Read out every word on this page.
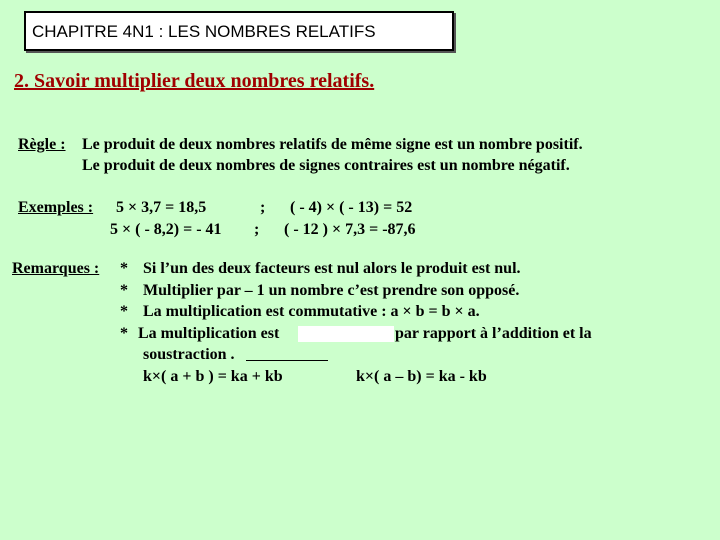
CHAPITRE 4N1 : LES NOMBRES RELATIFS
2. Savoir multiplier deux nombres relatifs.
Règle : Le produit de deux nombres relatifs de même signe est un nombre positif.
Le produit de deux nombres de signes contraires est un nombre négatif.
Exemples : 5 × 3,7 = 18,5	; ( - 4) × ( - 13) = 52
5 × ( - 8,2) = - 41 ; ( - 12 ) × 7,3 = -87,6
Remarques : * Si l’un des deux facteurs est nul alors le produit est nul.
* Multiplier par – 1 un nombre c’est prendre son opposé.
* La multiplication est commutative : a × b = b × a.
* La multiplication est	par rapport à l’addition et la
soustraction .
k×( a + b ) = ka + kb	k×( a – b) = ka - kb
